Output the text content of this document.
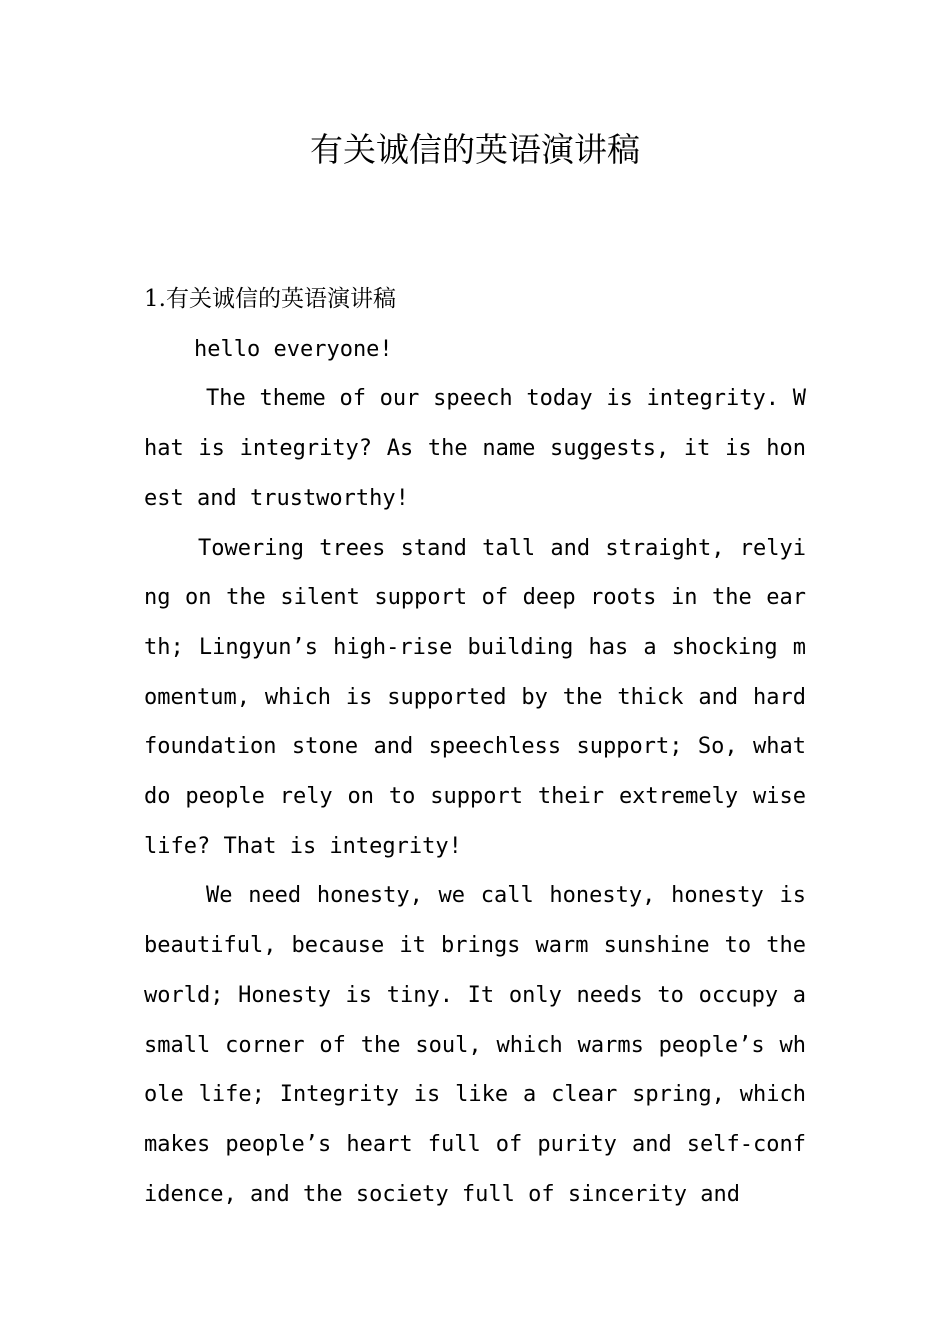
有关诚信的英语演讲稿

1.有关诚信的英语演讲稿

hello everyone!

The theme of our speech today is integrity. What is integrity? As the name suggests, it is honest and trustworthy!

Towering trees stand tall and straight, relying on the silent support of deep roots in the earth; Lingyun’s high-rise building has a shocking momentum, which is supported by the thick and hard foundation stone and speechless support; So, what do people rely on to support their extremely wise life? That is integrity!

We need honesty, we call honesty, honesty is beautiful, because it brings warm sunshine to the world; Honesty is tiny. It only needs to occupy a small corner of the soul, which warms people’s whole life; Integrity is like a clear spring, which makes people’s heart full of purity and self-confidence, and the society full of sincerity and
